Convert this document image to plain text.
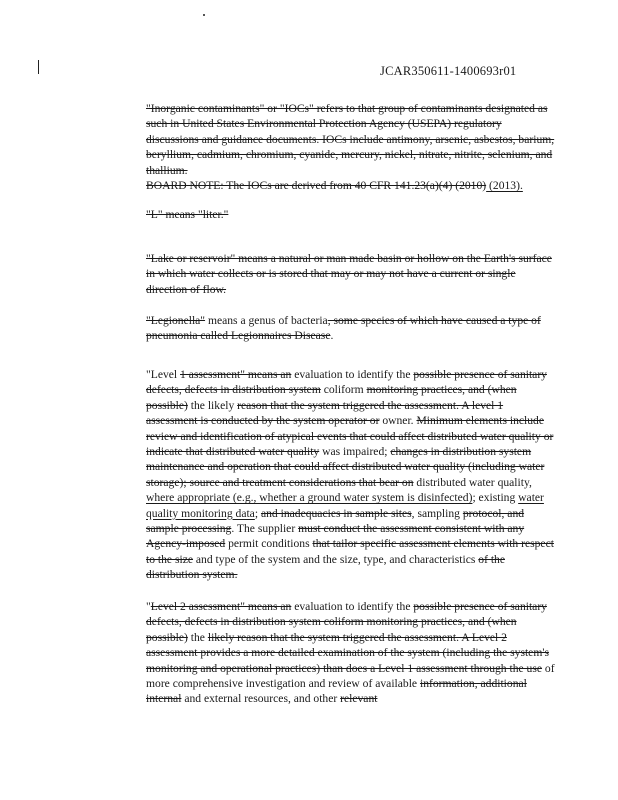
JCAR350611-1400693r01

"Inorganic contaminants" or "IOCs" refers to that group of contaminants designated as such in United States Environmental Protection Agency (USEPA) regulatory discussions and guidance documents. IOCs include antimony, arsenic, asbestos, barium, beryllium, cadmium, chromium, cyanide, mercury, nickel, nitrate, nitrite, selenium, and thallium.
BOARD NOTE: The IOCs are derived from 40 CFR 141.23(a)(4) (2010) (2013).

"L" means "liter."

"Lake or reservoir" means a natural or man made basin or hollow on the Earth's surface in which water collects or is stored that may or may not have a current or single direction of flow.

"Legionella" means a genus of bacteria, some species of which have caused a type of pneumonia called Legionnaires Disease.

"Level 1 assessment" means an evaluation to identify the possible presence of sanitary defects, defects in distribution system coliform monitoring practices, and (when possible) the likely reason that the system triggered the assessment. A level 1 assessment is conducted by the system operator or owner. Minimum elements include review and identification of atypical events that could affect distributed water quality or indicate that distributed water quality was impaired; changes in distribution system maintenance and operation that could affect distributed water quality (including water storage); source and treatment considerations that bear on distributed water quality, where appropriate (e.g., whether a ground water system is disinfected); existing water quality monitoring data; and inadequacies in sample sites, sampling protocol, and sample processing. The supplier must conduct the assessment consistent with any Agency-imposed permit conditions that tailor specific assessment elements with respect to the size and type of the system and the size, type, and characteristics of the distribution system.

"Level 2 assessment" means an evaluation to identify the possible presence of sanitary defects, defects in distribution system coliform monitoring practices, and (when possible) the likely reason that the system triggered the assessment. A Level 2 assessment provides a more detailed examination of the system (including the system's monitoring and operational practices) than does a Level 1 assessment through the use of more comprehensive investigation and review of available information, additional internal and external resources, and other relevant
